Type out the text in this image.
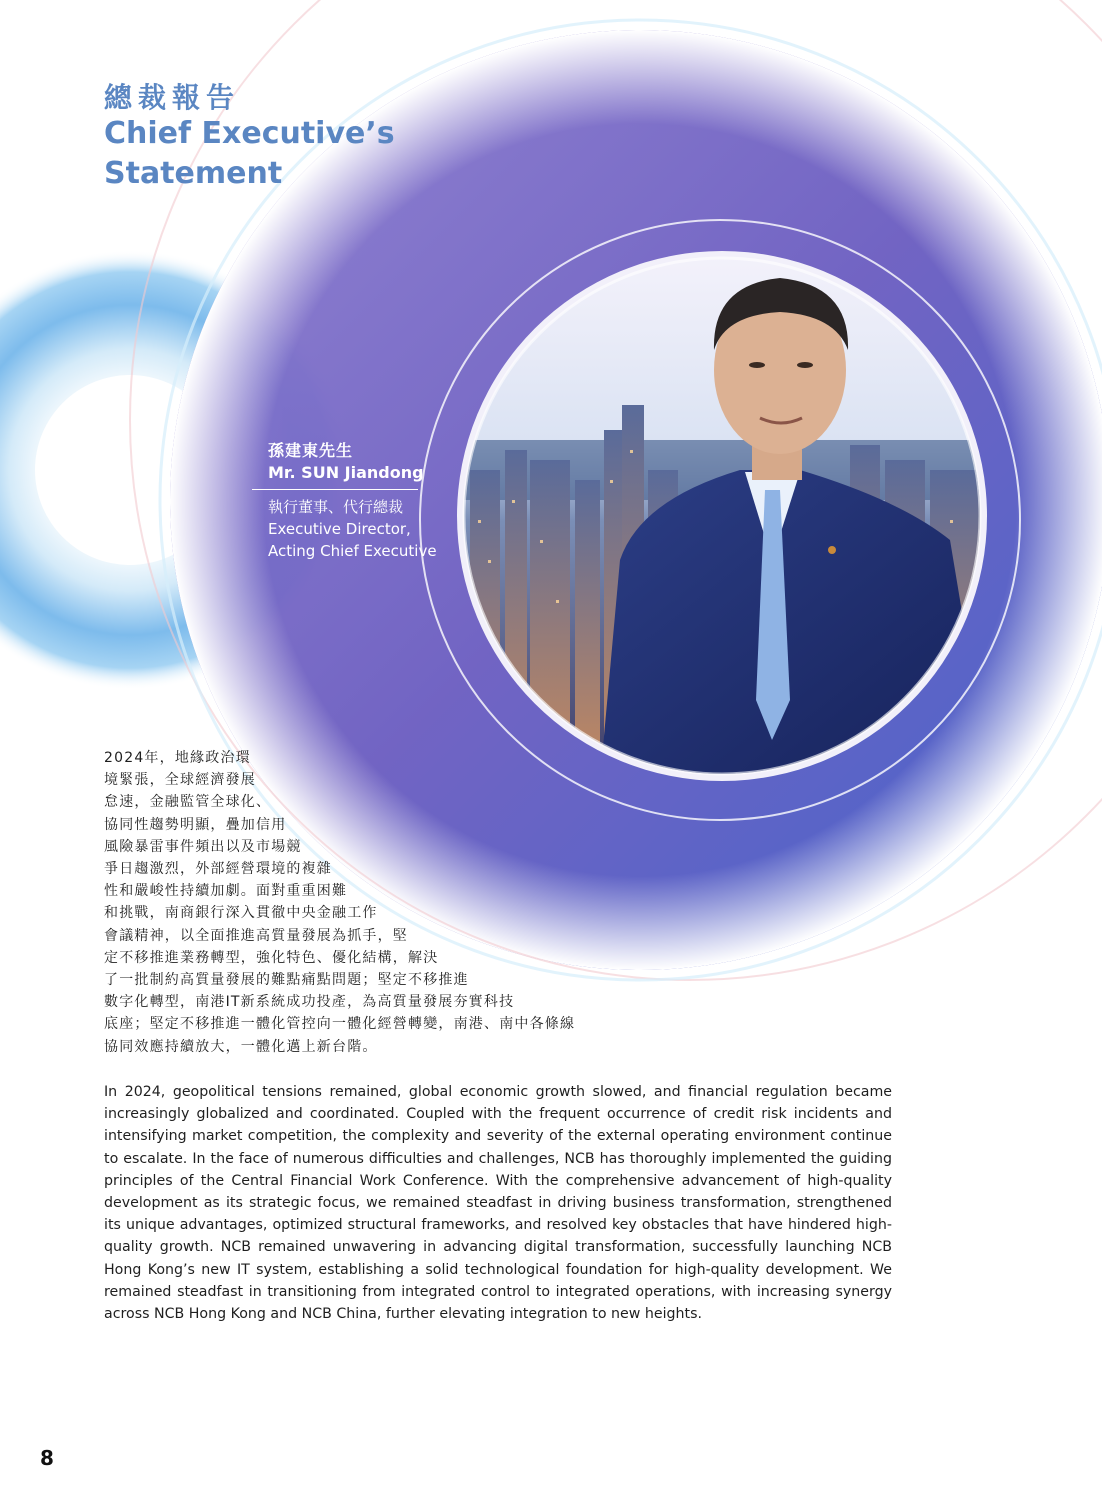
總裁報告
Chief Executive’s Statement
孫建東先生
Mr. SUN Jiandong
執行董事、代行總裁
Executive Director,
Acting Chief Executive
2024年，地緣政治環
境緊張，全球經濟發展
怠速，金融監管全球化、
協同性趨勢明顯，疊加信用
風險暴雷事件頻出以及市場競
爭日趨激烈，外部經營環境的複雜
性和嚴峻性持續加劇。面對重重困難
和挑戰，南商銀行深入貫徹中央金融工作
會議精神，以全面推進高質量發展為抓手，堅
定不移推進業務轉型，強化特色、優化結構，解決
了一批制約高質量發展的難點痛點問題；堅定不移推進
數字化轉型，南港IT新系統成功投產，為高質量發展夯實科技
底座；堅定不移推進一體化管控向一體化經營轉變，南港、南中各條線
協同效應持續放大，一體化邁上新台階。
In 2024, geopolitical tensions remained, global economic growth slowed, and financial regulation became increasingly globalized and coordinated. Coupled with the frequent occurrence of credit risk incidents and intensifying market competition, the complexity and severity of the external operating environment continue to escalate. In the face of numerous difficulties and challenges, NCB has thoroughly implemented the guiding principles of the Central Financial Work Conference. With the comprehensive advancement of high-quality development as its strategic focus, we remained steadfast in driving business transformation, strengthened its unique advantages, optimized structural frameworks, and resolved key obstacles that have hindered high-quality growth. NCB remained unwavering in advancing digital transformation, successfully launching NCB Hong Kong’s new IT system, establishing a solid technological foundation for high-quality development. We remained steadfast in transitioning from integrated control to integrated operations, with increasing synergy across NCB Hong Kong and NCB China, further elevating integration to new heights.
8
